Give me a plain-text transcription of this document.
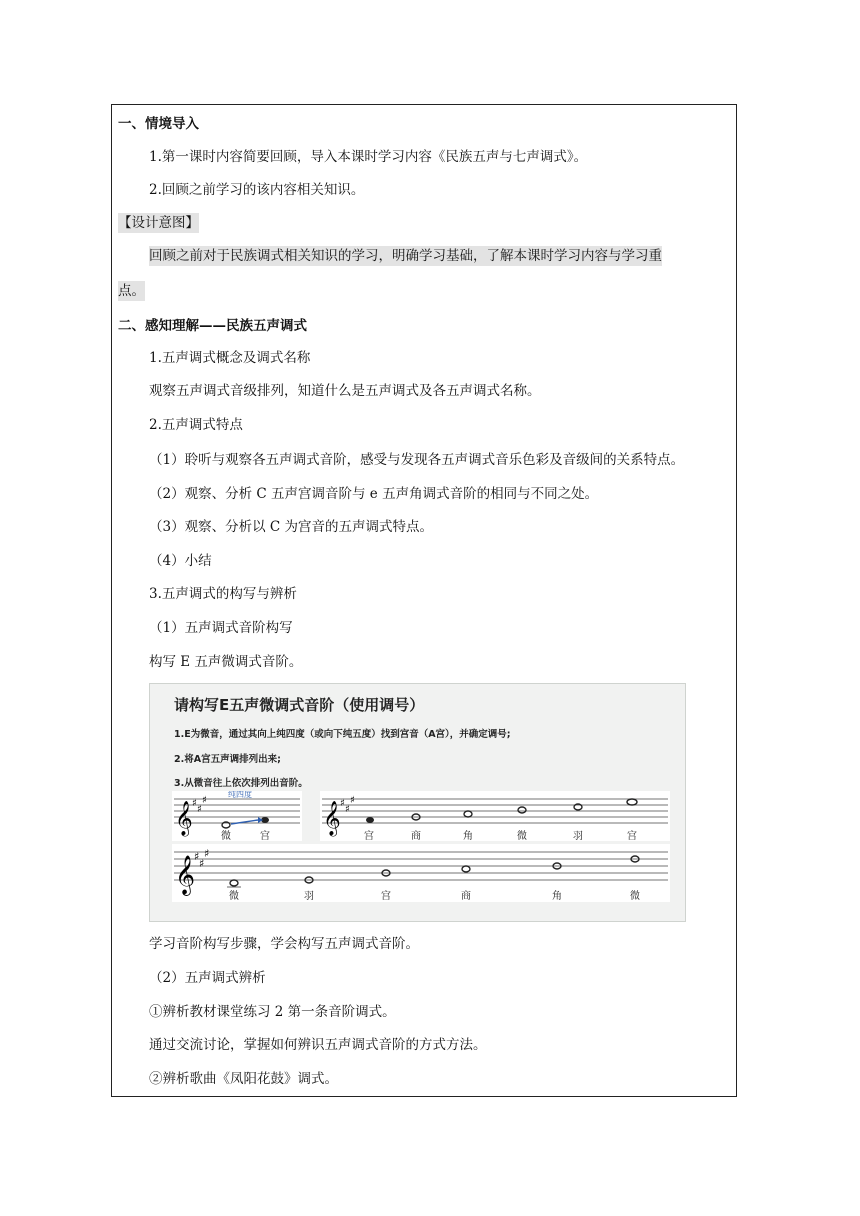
一、情境导入
1.第一课时内容简要回顾，导入本课时学习内容《民族五声与七声调式》。
2.回顾之前学习的该内容相关知识。
【设计意图】
回顾之前对于民族调式相关知识的学习，明确学习基础，了解本课时学习内容与学习重
点。
二、感知理解——民族五声调式
1.五声调式概念及调式名称
观察五声调式音级排列，知道什么是五声调式及各五声调式名称。
2.五声调式特点
（1）聆听与观察各五声调式音阶，感受与发现各五声调式音乐色彩及音级间的关系特点。
（2）观察、分析 C 五声宫调音阶与 e 五声角调式音阶的相同与不同之处。
（3）观察、分析以 C 为宫音的五声调式特点。
（4）小结
3.五声调式的构写与辨析
（1）五声调式音阶构写
构写 E 五声微调式音阶。
请构写E五声微调式音阶（使用调号）
1.E为微音，通过其向上纯四度（或向下纯五度）找到宫音（A宫），并确定调号;
2.将A宫五声调排列出来;
3.从微音往上依次排列出音阶。
𝄞 ♯
♯
♯
纯四度
微	宫
𝄞 ♯
♯
♯
宫	商	角	微	羽	宫
𝄞
♯
♯
♯
微	羽	宫	商	角	微
学习音阶构写步骤，学会构写五声调式音阶。
（2）五声调式辨析
①辨析教材课堂练习 2 第一条音阶调式。
通过交流讨论，掌握如何辨识五声调式音阶的方式方法。
②辨析歌曲《凤阳花鼓》调式。
